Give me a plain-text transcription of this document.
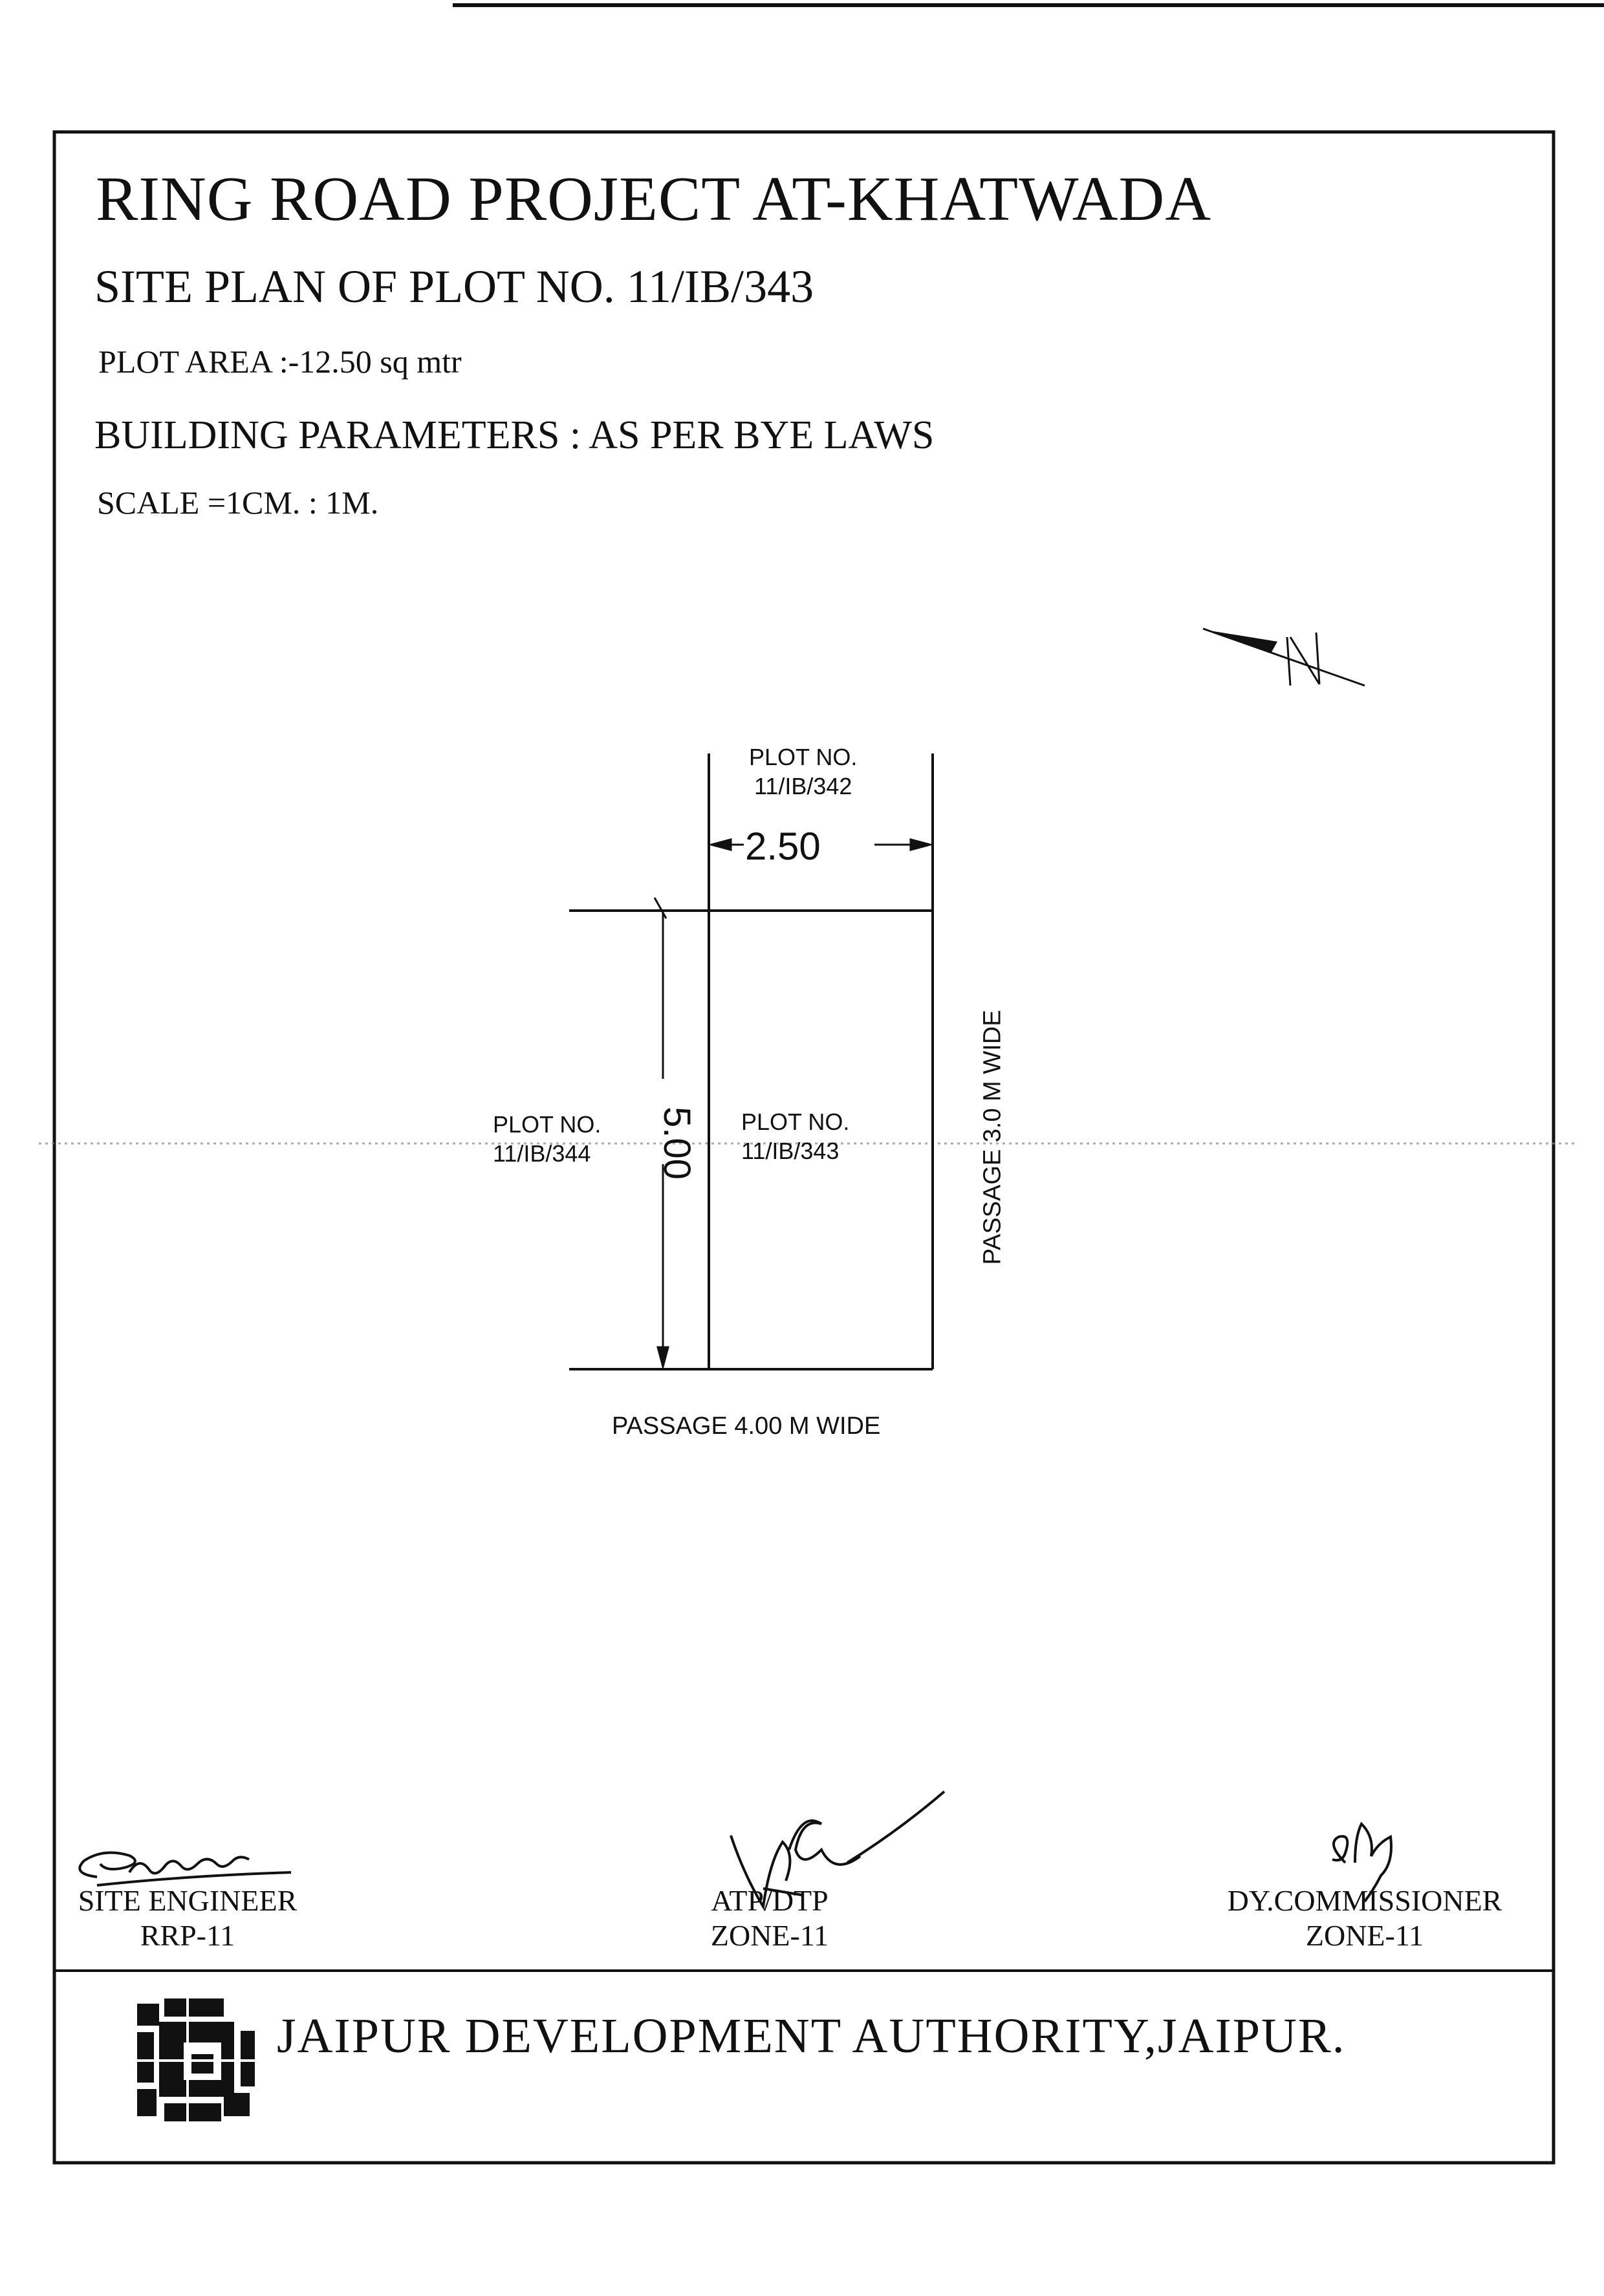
RING ROAD PROJECT AT-KHATWADA
SITE PLAN OF PLOT NO. 11/IB/343
PLOT AREA :-12.50 sq mtr
BUILDING PARAMETERS : AS PER BYE LAWS
SCALE =1CM. : 1M.
PLOT NO.
11/IB/342
2.50
5.00
PLOT NO.
11/IB/344
PLOT NO.
11/IB/343	PASSAGE 3.0 M WIDE
PASSAGE 4.00 M WIDE
SITE ENGINEER
RRP-11
ATP/DTP
ZONE-11
DY.COMMISSIONER
ZONE-11
JAIPUR DEVELOPMENT AUTHORITY,JAIPUR.
